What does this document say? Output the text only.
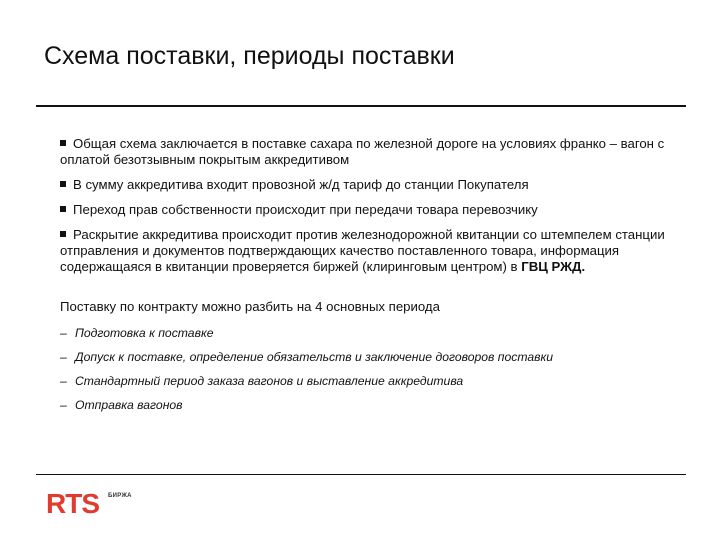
Схема поставки, периоды поставки
Общая схема заключается в поставке сахара по железной дороге на условиях франко – вагон с оплатой безотзывным покрытым аккредитивом
В сумму аккредитива входит провозной ж/д тариф до станции Покупателя
Переход прав собственности происходит при передачи товара перевозчику
Раскрытие аккредитива происходит против железнодорожной квитанции со штемпелем станции отправления и документов подтверждающих качество поставленного товара, информация содержащаяся в квитанции проверяется биржей (клиринговым центром) в ГВЦ РЖД.
Поставку по контракту можно разбить на 4 основных периода
– Подготовка к поставке
– Допуск к поставке, определение обязательств и заключение договоров поставки
– Стандартный период заказа вагонов и выставление аккредитива
– Отправка вагонов
RTS БИРЖА
